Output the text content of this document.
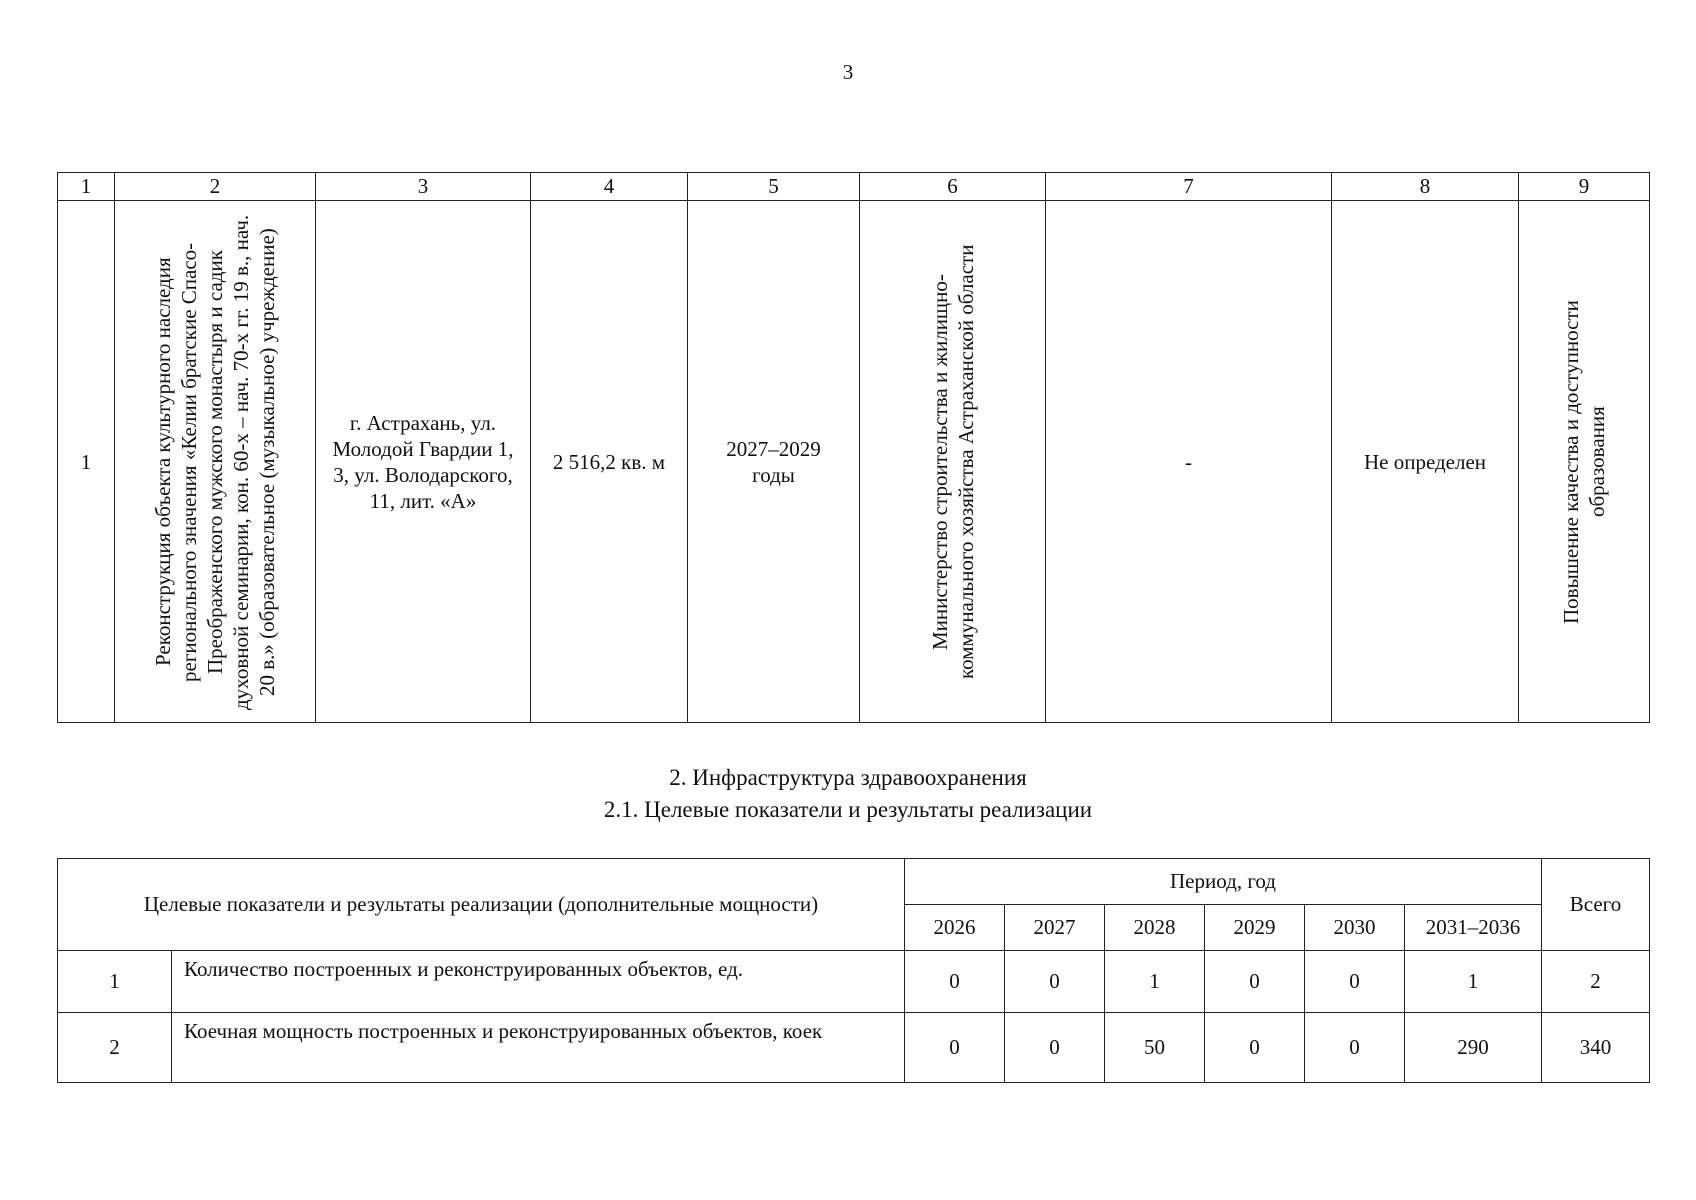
3
1	2	3	4	5	6	7	8	9
1	Реконструкция объекта культурного наследия регионального значения «Келии братские Спасо-Преображенского мужского монастыря и садик духовной семинарии, кон. 60-х – нач. 70-х гг. 19 в., нач. 20 в.» (образовательное (музыкальное) учреждение)	г. Астрахань, ул. Молодой Гвардии 1, 3, ул. Володарского, 11, лит. «А»	2 516,2 кв. м	2027–2029 годы	Министерство строительства и жилищно-коммунального хозяйства Астраханской области	-	Не определен	Повышение качества и доступности образования
2. Инфраструктура здравоохранения
2.1. Целевые показатели и результаты реализации
Целевые показатели и результаты реализации (дополнительные мощности)		Период, год						Всего
		2026	2027	2028	2029	2030	2031–2036	
1	Количество построенных и реконструированных объектов, ед.	0	0	1	0	0	1	2
2	Коечная мощность построенных и реконструированных объектов, коек	0	0	50	0	0	290	340
